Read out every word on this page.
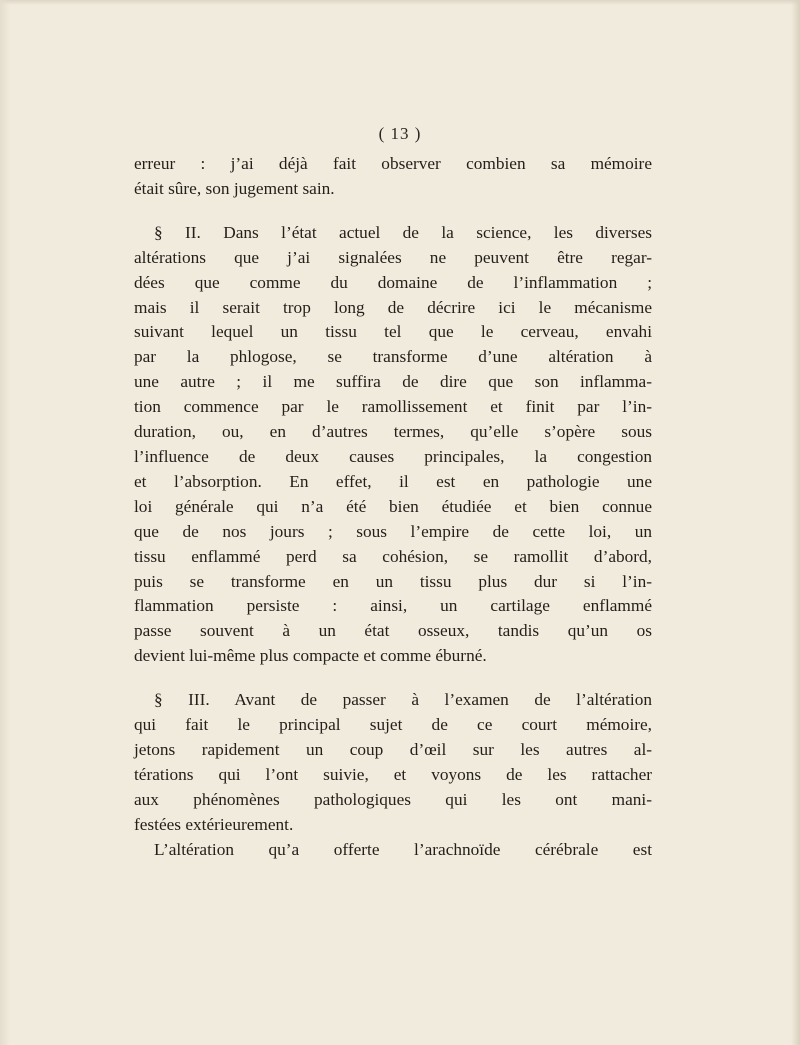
( 13 )

erreur : j’ai déjà fait observer combien sa mémoire

était sûre, son jugement sain.

§ II. Dans l’état actuel de la science, les diverses

altérations que j’ai signalées ne peuvent être regar-

dées que comme du domaine de l’inflammation ;

mais il serait trop long de décrire ici le mécanisme

suivant lequel un tissu tel que le cerveau, envahi

par la phlogose, se transforme d’une altération à

une autre ; il me suffira de dire que son inflamma-

tion commence par le ramollissement et finit par l’in-

duration, ou, en d’autres termes, qu’elle s’opère sous

l’influence de deux causes principales, la congestion

et l’absorption. En effet, il est en pathologie une

loi générale qui n’a été bien étudiée et bien connue

que de nos jours ; sous l’empire de cette loi, un

tissu enflammé perd sa cohésion, se ramollit d’abord,

puis se transforme en un tissu plus dur si l’in-

flammation persiste : ainsi, un cartilage enflammé

passe souvent à un état osseux, tandis qu’un os

devient lui-même plus compacte et comme éburné.

§ III. Avant de passer à l’examen de l’altération

qui fait le principal sujet de ce court mémoire,

jetons rapidement un coup d’œil sur les autres al-

térations qui l’ont suivie, et voyons de les rattacher

aux phénomènes pathologiques qui les ont mani-

festées extérieurement.

L’altération qu’a offerte l’arachnoïde cérébrale est
